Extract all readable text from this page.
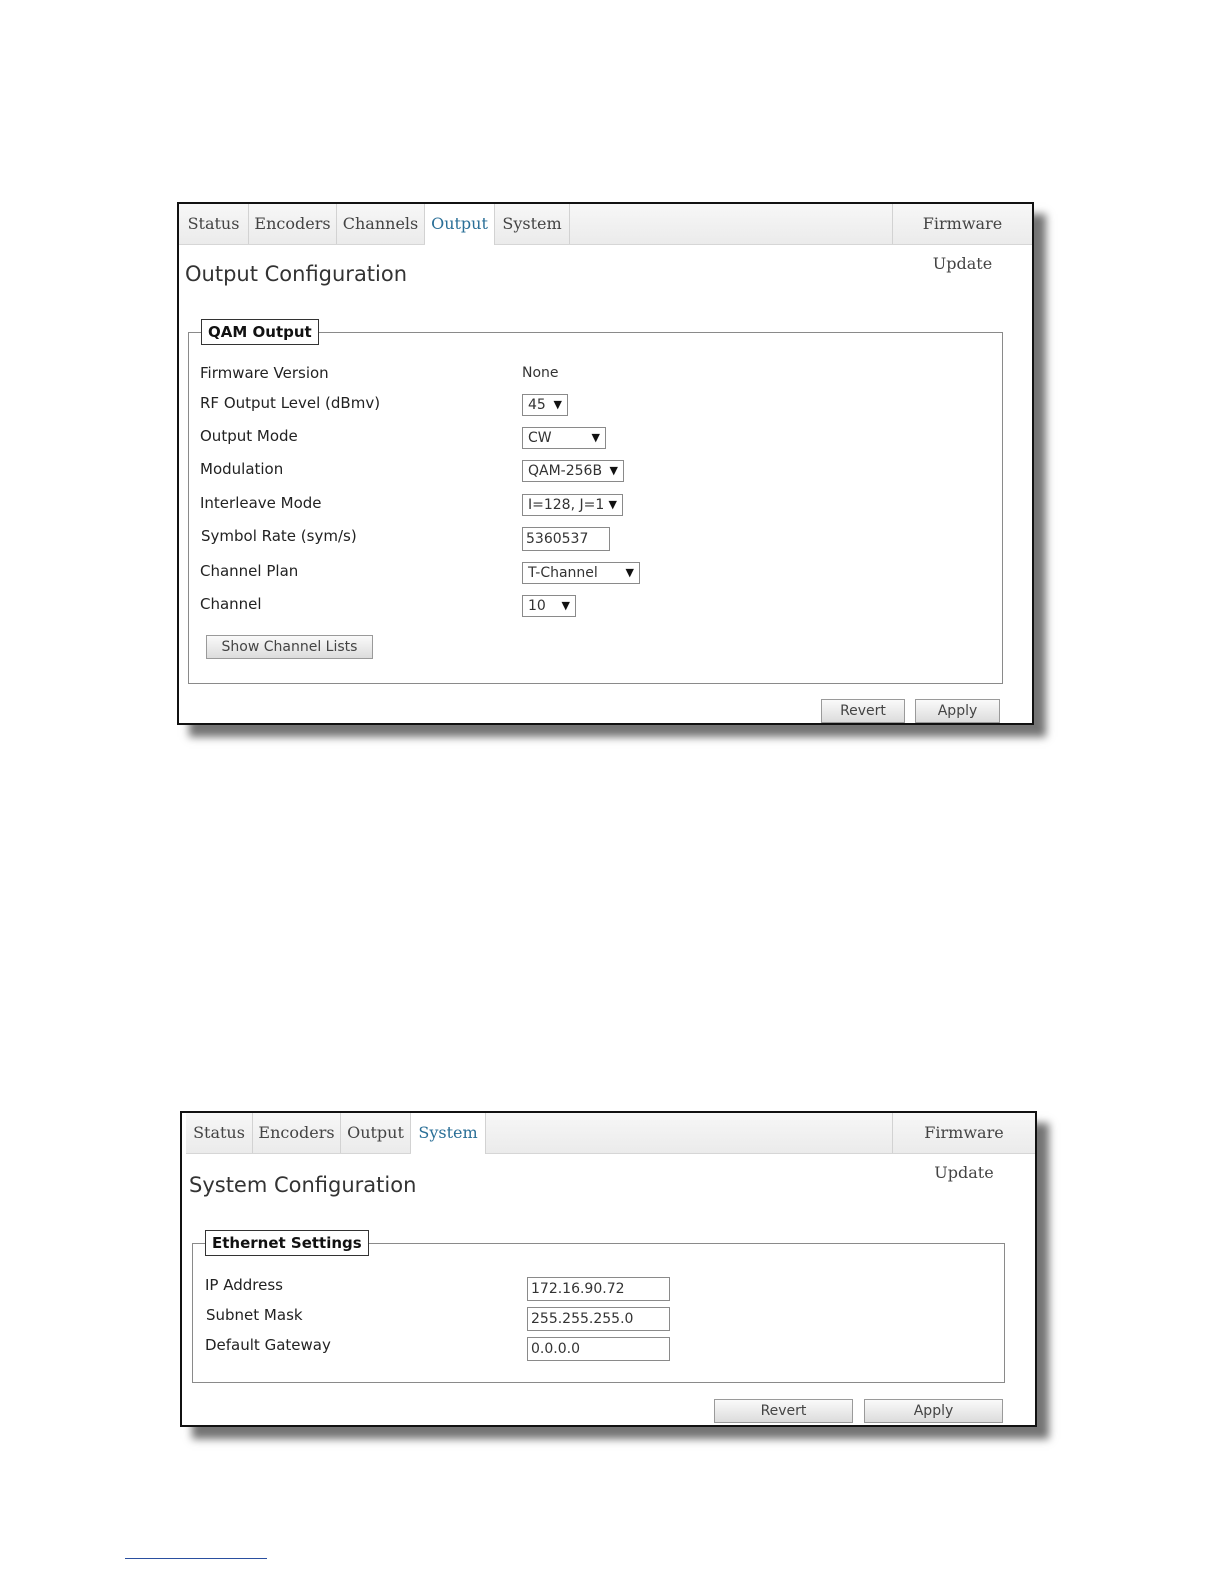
Status Encoders Channels Output System	Firmware Update
Output Configuration
QAM Output
Firmware Version	None
RF Output Level (dBmv)	45 ▼
Output Mode	CW	▼
Modulation	QAM-256B ▼
Interleave Mode	I=128, J=1 ▼
Symbol Rate (sym/s)	5360537
Channel Plan	T-Channel	▼
Channel	10 ▼
Show Channel Lists
Revert	Apply
Status Encoders Output System	Firmware Update
System Configuration
Ethernet Settings
IP Address	172.16.90.72
Subnet Mask	255.255.255.0
Default Gateway	0.0.0.0
Revert	Apply
